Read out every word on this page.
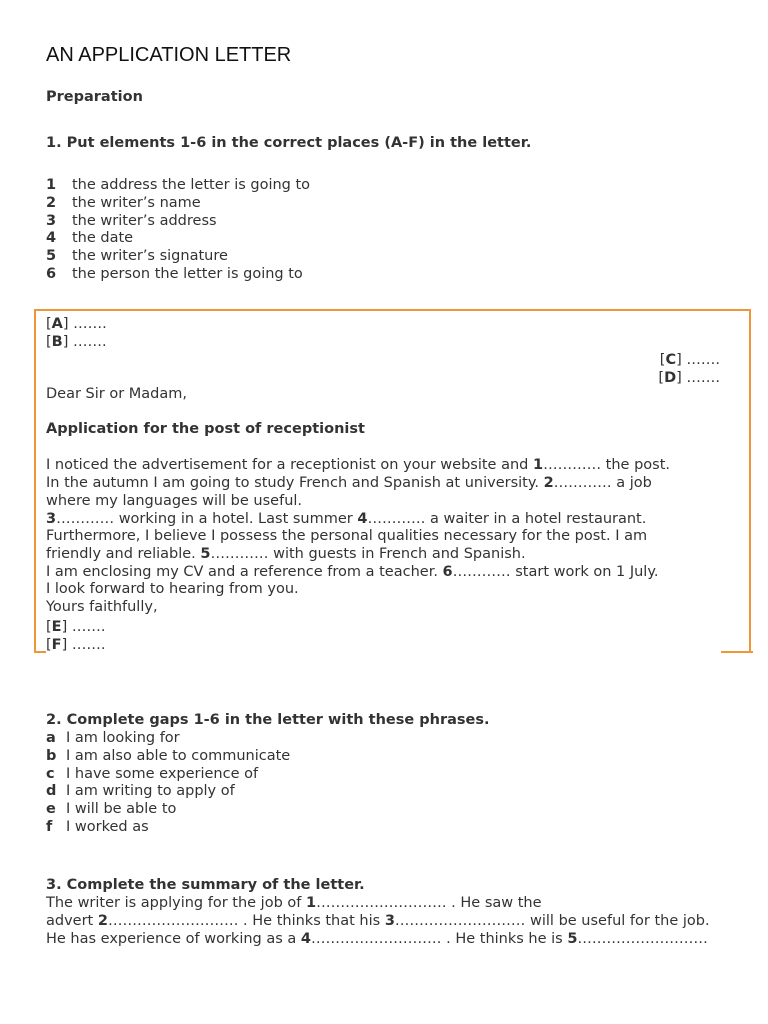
AN APPLICATION LETTER
Preparation
1. Put elements 1-6 in the correct places (A-F) in the letter.
1 the address the letter is going to
2 the writer’s name
3 the writer’s address
4 the date
5 the writer’s signature
6 the person the letter is going to
[A] …….
[B] …….
[C] …….
[D] …….
Dear Sir or Madam,
Application for the post of receptionist
I noticed the advertisement for a receptionist on your website and 1………… the post.
In the autumn I am going to study French and Spanish at university. 2………… a job
where my languages will be useful.
3………… working in a hotel. Last summer 4………… a waiter in a hotel restaurant.
Furthermore, I believe I possess the personal qualities necessary for the post. I am
friendly and reliable. 5………… with guests in French and Spanish.
I am enclosing my CV and a reference from a teacher. 6………… start work on 1 July.
I look forward to hearing from you.
Yours faithfully,
[E] …….
[F] …….
2. Complete gaps 1-6 in the letter with these phrases.
a I am looking for
b I am also able to communicate
c I have some experience of
d I am writing to apply of
e I will be able to
f I worked as
3. Complete the summary of the letter.
The writer is applying for the job of 1……………………… . He saw the
advert 2……………………… . He thinks that his 3……………………… will be useful for the job.
He has experience of working as a 4……………………… . He thinks he is 5………………………
